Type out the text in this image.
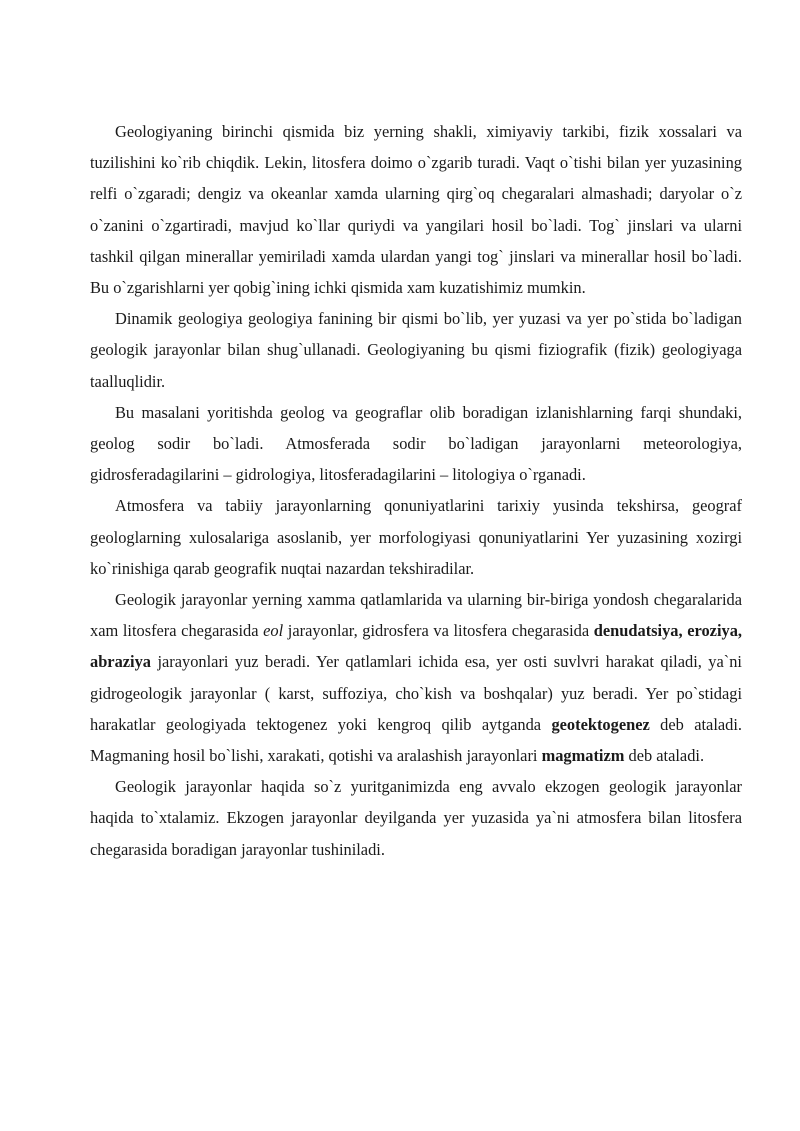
Geologiyaning birinchi qismida biz yerning shakli, ximiyaviy tarkibi, fizik xossalari va tuzilishini ko`rib chiqdik. Lekin, litosfera doimo o`zgarib turadi. Vaqt o`tishi bilan yer yuzasining relfi o`zgaradi; dengiz va okeanlar xamda ularning qirg`oq chegaralari almashadi; daryolar o`z o`zanini o`zgartiradi, mavjud ko`llar quriydi va yangilari hosil bo`ladi. Tog` jinslari va ularni tashkil qilgan minerallar yemiriladi xamda ulardan yangi tog` jinslari va minerallar hosil bo`ladi. Bu o`zgarishlarni yer qobig`ining ichki qismida xam kuzatishimiz mumkin.

Dinamik geologiya geologiya fanining bir qismi bo`lib, yer yuzasi va yer po`stida bo`ladigan geologik jarayonlar bilan shug`ullanadi. Geologiyaning bu qismi fiziografik (fizik) geologiyaga taalluqlidir.

Bu masalani yoritishda geolog va geograflar olib boradigan izlanishlarning farqi shundaki, geolog sodir bo`ladi. Atmosferada sodir bo`ladigan jarayonlarni meteorologiya, gidrosferadagilarini – gidrologiya, litosferadagilarini – litologiya o`rganadi.

Atmosfera va tabiiy jarayonlarning qonuniyatlarini tarixiy yusinda tekshirsa, geograf geologlarning xulosalariga asoslanib, yer morfologiyasi qonuniyatlarini Yer yuzasining xozirgi ko`rinishiga qarab geografik nuqtai nazardan tekshiradilar.

Geologik jarayonlar yerning xamma qatlamlarida va ularning bir-biriga yondosh chegaralarida xam litosfera chegarasida eol jarayonlar, gidrosfera va litosfera chegarasida denudatsiya, eroziya, abraziya jarayonlari yuz beradi. Yer qatlamlari ichida esa, yer osti suvlvri harakat qiladi, ya`ni gidrogeologik jarayonlar ( karst, suffoziya, cho`kish va boshqalar) yuz beradi. Yer po`stidagi harakatlar geologiyada tektogenez yoki kengroq qilib aytganda geotektogenez deb ataladi. Magmaning hosil bo`lishi, xarakati, qotishi va aralashish jarayonlari magmatizm deb ataladi.

Geologik jarayonlar haqida so`z yuritganimizda eng avvalo ekzogen geologik jarayonlar haqida to`xtalamiz. Ekzogen jarayonlar deyilganda yer yuzasida ya`ni atmosfera bilan litosfera chegarasida boradigan jarayonlar tushiniladi.
